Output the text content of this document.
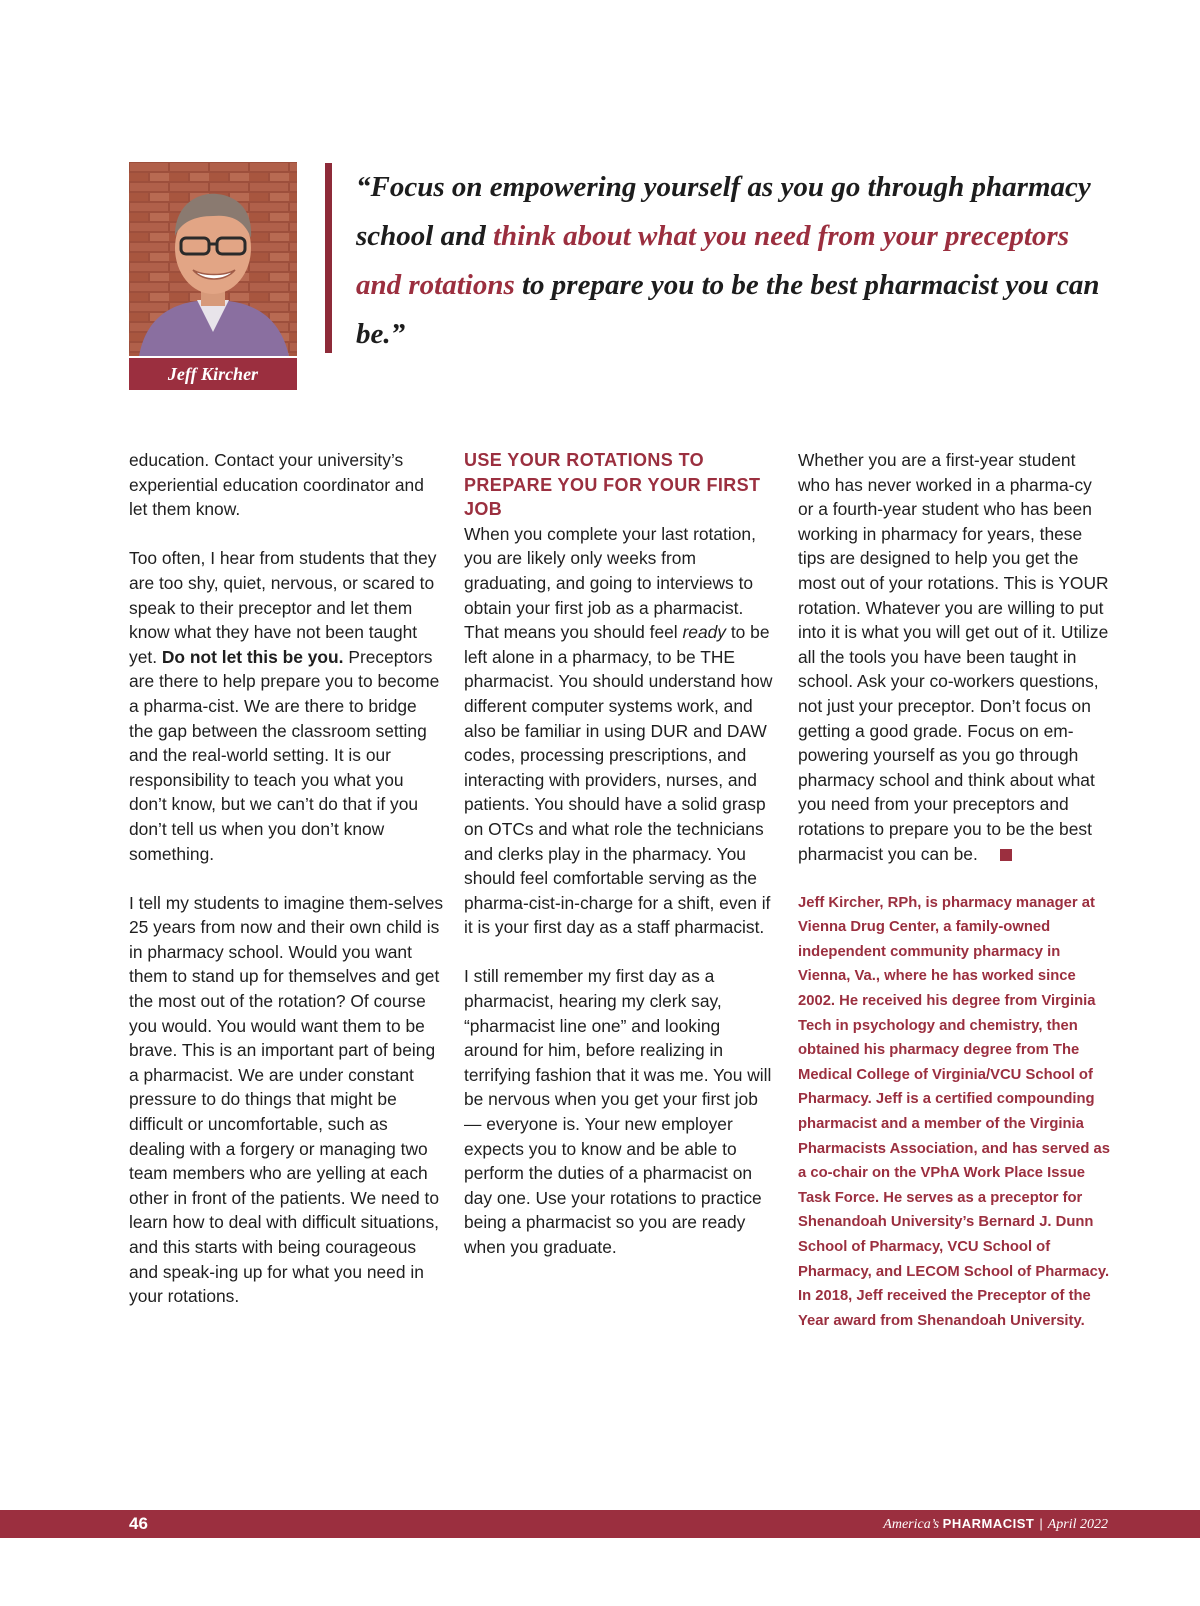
Jeff Kircher

“Focus on empowering yourself as you go through pharmacy school and think about what you need from your preceptors and rotations to prepare you to be the best pharmacist you can be.”

education. Contact your university’s experiential education coordinator and let them know.

Too often, I hear from students that they are too shy, quiet, nervous, or scared to speak to their preceptor and let them know what they have not been taught yet. Do not let this be you. Preceptors are there to help prepare you to become a pharma-cist. We are there to bridge the gap between the classroom setting and the real-world setting. It is our responsibility to teach you what you don’t know, but we can’t do that if you don’t tell us when you don’t know something.

I tell my students to imagine them-selves 25 years from now and their own child is in pharmacy school. Would you want them to stand up for themselves and get the most out of the rotation? Of course you would. You would want them to be brave. This is an important part of being a pharmacist. We are under constant pressure to do things that might be difficult or uncomfortable, such as dealing with a forgery or managing two team members who are yelling at each other in front of the patients. We need to learn how to deal with difficult situations, and this starts with being courageous and speak-ing up for what you need in your rotations.

USE YOUR ROTATIONS TO PREPARE YOU FOR YOUR FIRST JOB

When you complete your last rotation, you are likely only weeks from graduating, and going to interviews to obtain your first job as a pharmacist. That means you should feel ready to be left alone in a pharmacy, to be THE pharmacist. You should understand how different computer systems work, and also be familiar in using DUR and DAW codes, processing prescriptions, and interacting with providers, nurses, and patients. You should have a solid grasp on OTCs and what role the technicians and clerks play in the pharmacy. You should feel comfortable serving as the pharma-cist-in-charge for a shift, even if it is your first day as a staff pharmacist.

I still remember my first day as a pharmacist, hearing my clerk say, “pharmacist line one” and looking around for him, before realizing in terrifying fashion that it was me. You will be nervous when you get your first job — everyone is. Your new employer expects you to know and be able to perform the duties of a pharmacist on day one. Use your rotations to practice being a pharmacist so you are ready when you graduate.

Whether you are a first-year student who has never worked in a pharma-cy or a fourth-year student who has been working in pharmacy for years, these tips are designed to help you get the most out of your rotations. This is YOUR rotation. Whatever you are willing to put into it is what you will get out of it. Utilize all the tools you have been taught in school. Ask your co-workers questions, not just your preceptor. Don’t focus on getting a good grade. Focus on em-powering yourself as you go through pharmacy school and think about what you need from your preceptors and rotations to prepare you to be the best pharmacist you can be.

Jeff Kircher, RPh, is pharmacy manager at Vienna Drug Center, a family-owned independent community pharmacy in Vienna, Va., where he has worked since 2002. He received his degree from Virginia Tech in psychology and chemistry, then obtained his pharmacy degree from The Medical College of Virginia/VCU School of Pharmacy. Jeff is a certified compounding pharmacist and a member of the Virginia Pharmacists Association, and has served as a co-chair on the VPhA Work Place Issue Task Force. He serves as a preceptor for Shenandoah University’s Bernard J. Dunn School of Pharmacy, VCU School of Pharmacy, and LECOM School of Pharmacy. In 2018, Jeff received the Preceptor of the Year award from Shenandoah University.

46	America’s PHARMACIST | April 2022
